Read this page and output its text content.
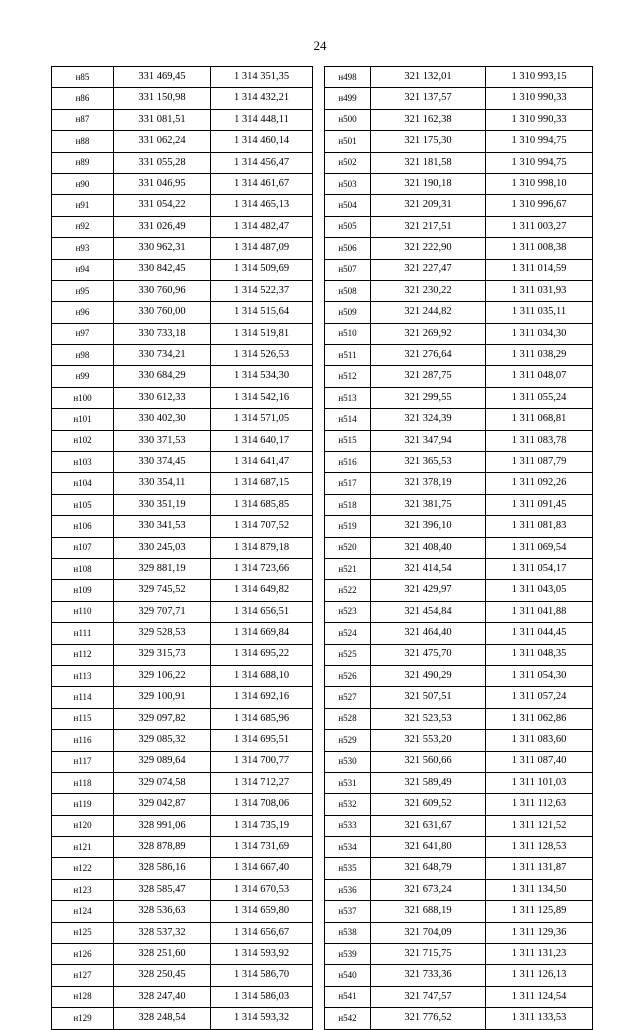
24
н85	331 469,45	1 314 351,35		н498	321 132,01	1 310 993,15
н86	331 150,98	1 314 432,21		н499	321 137,57	1 310 990,33
н87	331 081,51	1 314 448,11		н500	321 162,38	1 310 990,33
н88	331 062,24	1 314 460,14		н501	321 175,30	1 310 994,75
н89	331 055,28	1 314 456,47		н502	321 181,58	1 310 994,75
н90	331 046,95	1 314 461,67		н503	321 190,18	1 310 998,10
н91	331 054,22	1 314 465,13		н504	321 209,31	1 310 996,67
н92	331 026,49	1 314 482,47		н505	321 217,51	1 311 003,27
н93	330 962,31	1 314 487,09		н506	321 222,90	1 311 008,38
н94	330 842,45	1 314 509,69		н507	321 227,47	1 311 014,59
н95	330 760,96	1 314 522,37		н508	321 230,22	1 311 031,93
н96	330 760,00	1 314 515,64		н509	321 244,82	1 311 035,11
н97	330 733,18	1 314 519,81		н510	321 269,92	1 311 034,30
н98	330 734,21	1 314 526,53		н511	321 276,64	1 311 038,29
н99	330 684,29	1 314 534,30		н512	321 287,75	1 311 048,07
н100	330 612,33	1 314 542,16		н513	321 299,55	1 311 055,24
н101	330 402,30	1 314 571,05		н514	321 324,39	1 311 068,81
н102	330 371,53	1 314 640,17		н515	321 347,94	1 311 083,78
н103	330 374,45	1 314 641,47		н516	321 365,53	1 311 087,79
н104	330 354,11	1 314 687,15		н517	321 378,19	1 311 092,26
н105	330 351,19	1 314 685,85		н518	321 381,75	1 311 091,45
н106	330 341,53	1 314 707,52		н519	321 396,10	1 311 081,83
н107	330 245,03	1 314 879,18		н520	321 408,40	1 311 069,54
н108	329 881,19	1 314 723,66		н521	321 414,54	1 311 054,17
н109	329 745,52	1 314 649,82		н522	321 429,97	1 311 043,05
н110	329 707,71	1 314 656,51		н523	321 454,84	1 311 041,88
н111	329 528,53	1 314 669,84		н524	321 464,40	1 311 044,45
н112	329 315,73	1 314 695,22		н525	321 475,70	1 311 048,35
н113	329 106,22	1 314 688,10		н526	321 490,29	1 311 054,30
н114	329 100,91	1 314 692,16		н527	321 507,51	1 311 057,24
н115	329 097,82	1 314 685,96		н528	321 523,53	1 311 062,86
н116	329 085,32	1 314 695,51		н529	321 553,20	1 311 083,60
н117	329 089,64	1 314 700,77		н530	321 560,66	1 311 087,40
н118	329 074,58	1 314 712,27		н531	321 589,49	1 311 101,03
н119	329 042,87	1 314 708,06		н532	321 609,52	1 311 112,63
н120	328 991,06	1 314 735,19		н533	321 631,67	1 311 121,52
н121	328 878,89	1 314 731,69		н534	321 641,80	1 311 128,53
н122	328 586,16	1 314 667,40		н535	321 648,79	1 311 131,87
н123	328 585,47	1 314 670,53		н536	321 673,24	1 311 134,50
н124	328 536,63	1 314 659,80		н537	321 688,19	1 311 125,89
н125	328 537,32	1 314 656,67		н538	321 704,09	1 311 129,36
н126	328 251,60	1 314 593,92		н539	321 715,75	1 311 131,23
н127	328 250,45	1 314 586,70		н540	321 733,36	1 311 126,13
н128	328 247,40	1 314 586,03		н541	321 747,57	1 311 124,54
н129	328 248,54	1 314 593,32		н542	321 776,52	1 311 133,53
